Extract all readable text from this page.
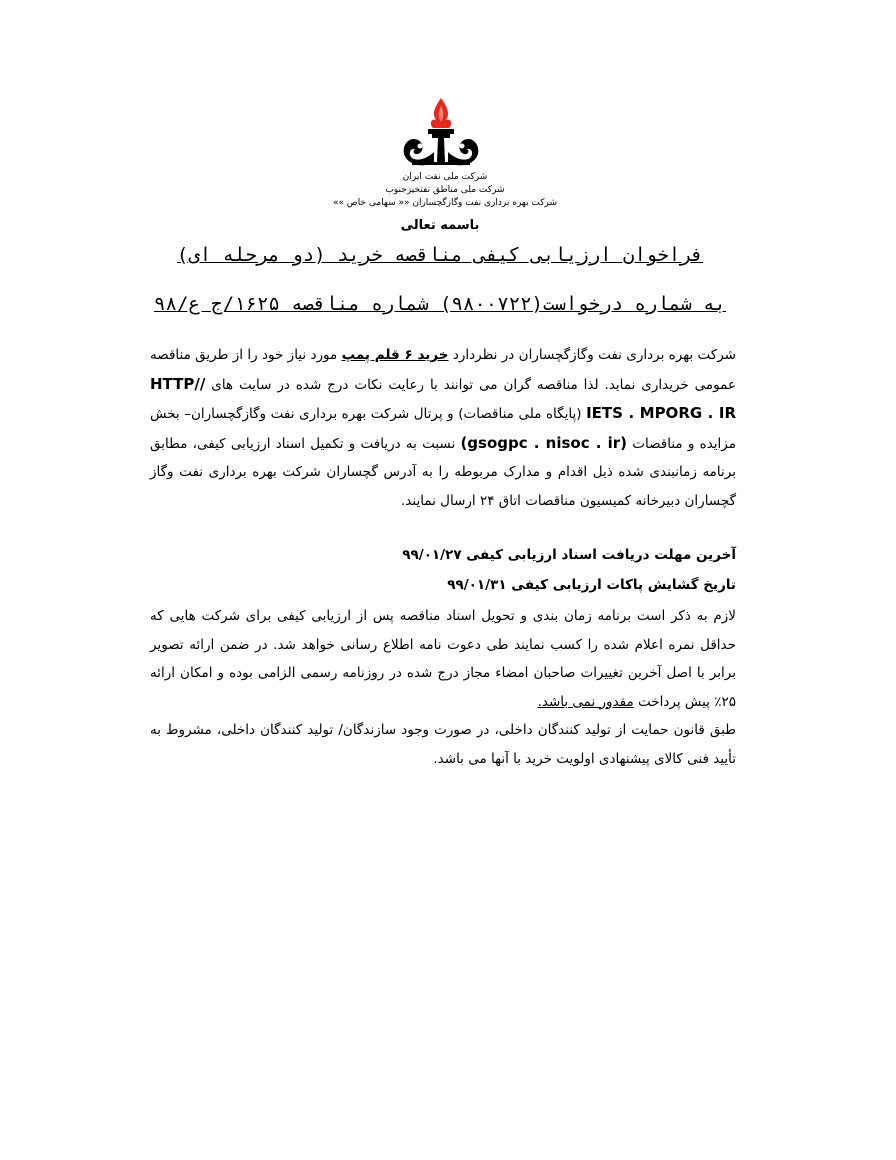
شرکت ملی نفت ایران
شرکت ملی مناطق نفتخیزجنوب
شرکت بهره برداری نفت وگازگچساران «« سهامی خاص »»
باسمه تعالی
فراخوان ارزیابی کیفی مناقصه خرید (دو مرحله ای)
به شماره درخواست(۹۸۰۰۷۲۲) شماره مناقصه ۱۶۲۵/ج ع/۹۸
شرکت بهره برداری نفت وگازگچساران در نظردارد خرید ۶ قلم پمپ مورد نیاز خود را از طریق مناقصه عمومی خریداری نماید. لذا مناقصه گران می توانند با رعایت نکات درج شده در سایت های HTTP// IETS . MPORG . IR (پایگاه ملی مناقصات) و پرتال شرکت بهره برداری نفت وگازگچساران– بخش مزایده و مناقصات (gsogpc . nisoc . ir) نسبت به دریافت و تکمیل اسناد ارزیابی کیفی، مطابق برنامه زمانبندی شده ذیل اقدام و مدارک مربوطه را به آدرس گچساران شرکت بهره برداری نفت وگاز گچساران دبیرخانه کمیسیون مناقصات اتاق ۲۴ ارسال نمایند.
آخرین مهلت دریافت اسناد ارزیابی کیفی ۹۹/۰۱/۲۷
تاریخ گشایش پاکات ارزیابی کیفی ۹۹/۰۱/۳۱
لازم به ذکر است برنامه زمان بندی و تحویل اسناد مناقصه پس از ارزیابی کیفی برای شرکت هایی که حداقل نمره اعلام شده را کسب نمایند طی دعوت نامه اطلاع رسانی خواهد شد. در ضمن ارائه تصویر برابر با اصل آخرین تغییرات صاحبان امضاء مجاز درج شده در روزنامه رسمی الزامی بوده و امکان ارائه ۲۵٪ پیش پرداخت مقدور نمی باشد.
طبق قانون حمایت از تولید کنندگان داخلی، در صورت وجود سازندگان/ تولید کنندگان داخلی، مشروط به تأیید فنی کالای پیشنهادی اولویت خرید با آنها می باشد.
